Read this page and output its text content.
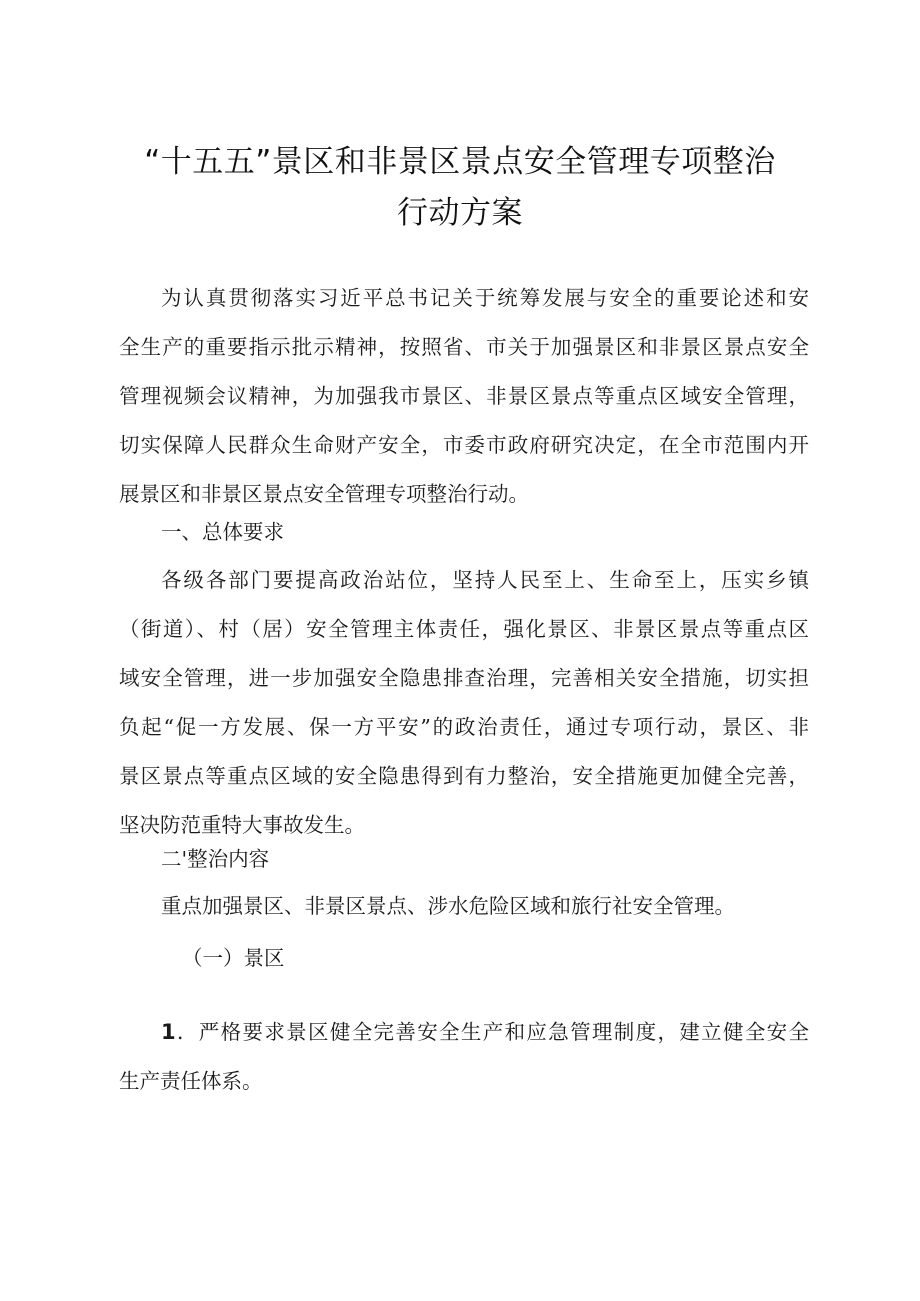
“十五五”景区和非景区景点安全管理专项整治
行动方案
为认真贯彻落实习近平总书记关于统筹发展与安全的重要论述和安
全生产的重要指示批示精神，按照省、市关于加强景区和非景区景点安全
管理视频会议精神，为加强我市景区、非景区景点等重点区域安全管理，
切实保障人民群众生命财产安全，市委市政府研究决定，在全市范围内开
展景区和非景区景点安全管理专项整治行动。
一、总体要求
各级各部门要提高政治站位，坚持人民至上、生命至上，压实乡镇
（街道）、村（居）安全管理主体责任，强化景区、非景区景点等重点区
域安全管理，进一步加强安全隐患排查治理，完善相关安全措施，切实担
负起“促一方发展、保一方平安”的政治责任，通过专项行动，景区、非
景区景点等重点区域的安全隐患得到有力整治，安全措施更加健全完善，
坚决防范重特大事故发生。
二'整治内容
重点加强景区、非景区景点、涉水危险区域和旅行社安全管理。
（一）景区
1．严格要求景区健全完善安全生产和应急管理制度，建立健全安全
生产责任体系。
